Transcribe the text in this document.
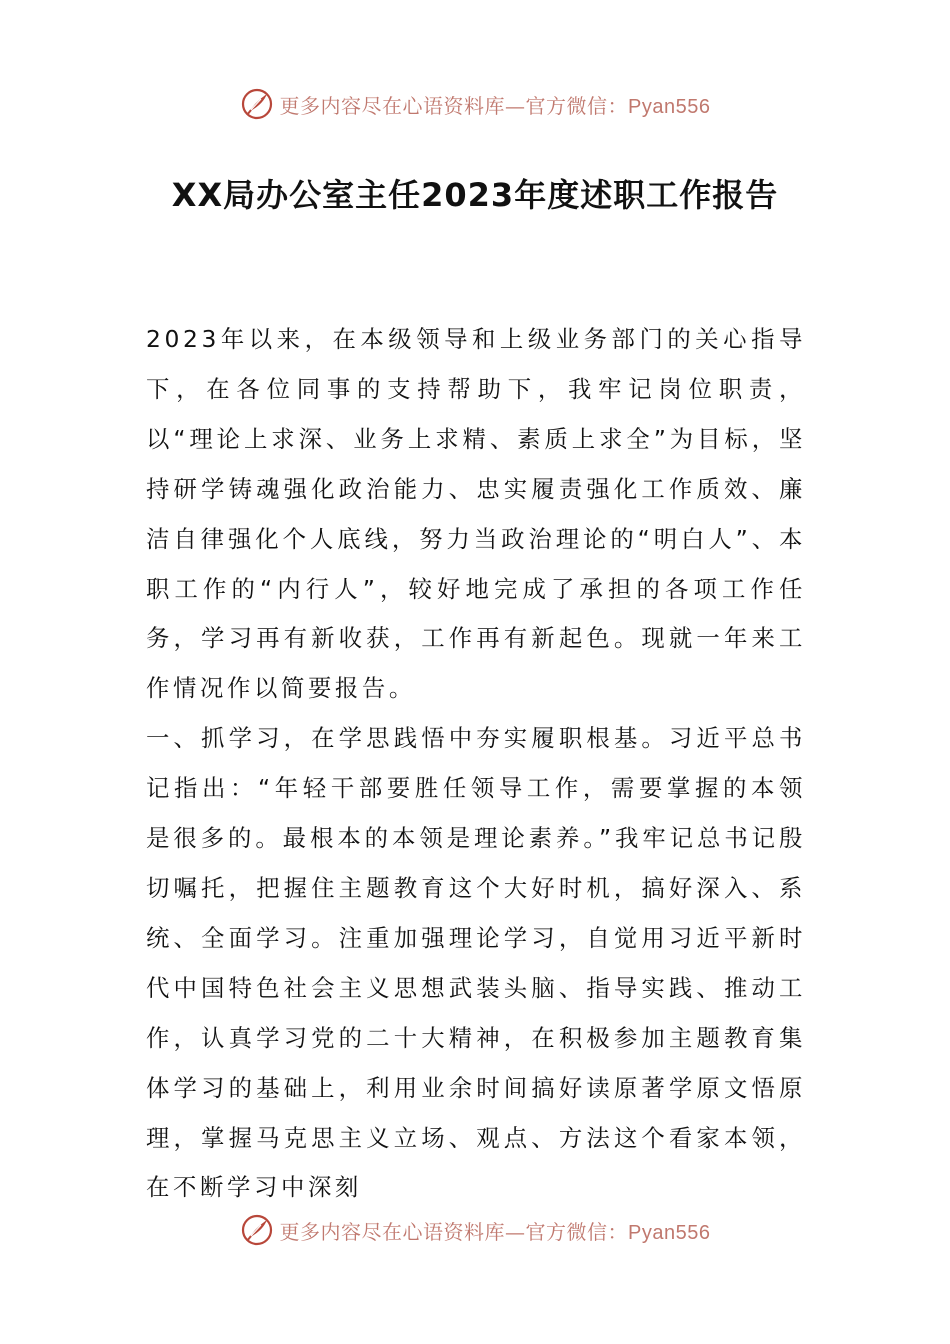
更多内容尽在心语资料库—官方微信：Pyan556
XX局办公室主任2023年度述职工作报告

2023年以来，在本级领导和上级业务部门的关心指导下，在各位同事的支持帮助下，我牢记岗位职责，以“理论上求深、业务上求精、素质上求全”为目标，坚持研学铸魂强化政治能力、忠实履责强化工作质效、廉洁自律强化个人底线，努力当政治理论的“明白人”、本职工作的“内行人”，较好地完成了承担的各项工作任务，学习再有新收获，工作再有新起色。现就一年来工作情况作以简要报告。

一、抓学习，在学思践悟中夯实履职根基。习近平总书记指出：“年轻干部要胜任领导工作，需要掌握的本领是很多的。最根本的本领是理论素养。”我牢记总书记殷切嘱托，把握住主题教育这个大好时机，搞好深入、系统、全面学习。注重加强理论学习，自觉用习近平新时代中国特色社会主义思想武装头脑、指导实践、推动工作，认真学习党的二十大精神，在积极参加主题教育集体学习的基础上，利用业余时间搞好读原著学原文悟原理，掌握马克思主义立场、观点、方法这个看家本领，在不断学习中深刻

更多内容尽在心语资料库—官方微信：Pyan556
